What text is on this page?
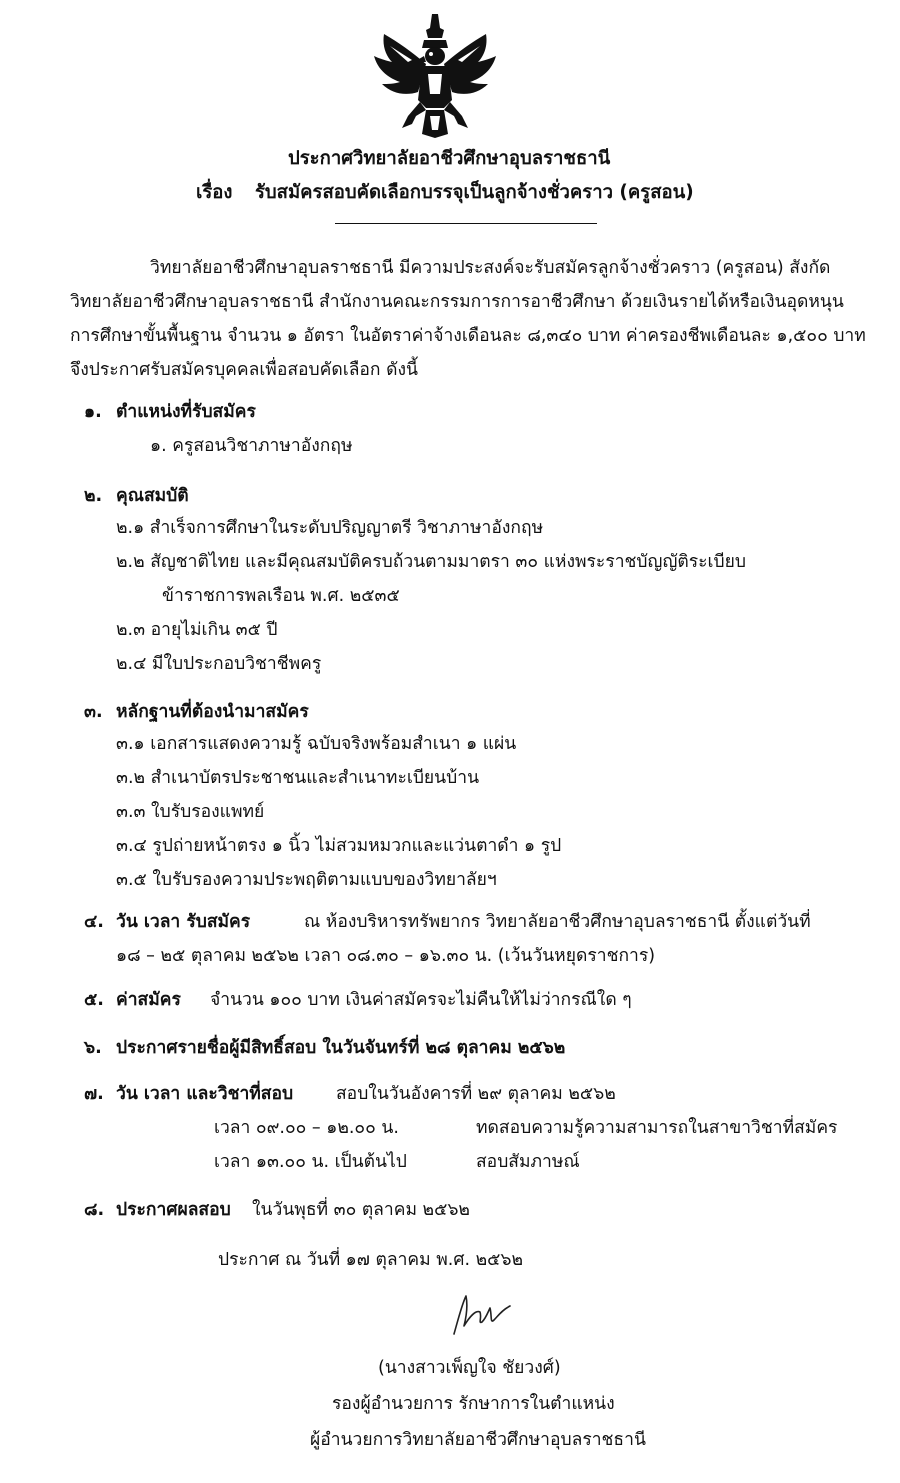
ประกาศวิทยาลัยอาชีวศึกษาอุบลราชธานี
เรื่อง รับสมัครสอบคัดเลือกบรรจุเป็นลูกจ้างชั่วคราว (ครูสอน)
วิทยาลัยอาชีวศึกษาอุบลราชธานี มีความประสงค์จะรับสมัครลูกจ้างชั่วคราว (ครูสอน) สังกัด
วิทยาลัยอาชีวศึกษาอุบลราชธานี สำนักงานคณะกรรมการการอาชีวศึกษา ด้วยเงินรายได้หรือเงินอุดหนุน
การศึกษาขั้นพื้นฐาน จำนวน ๑ อัตรา ในอัตราค่าจ้างเดือนละ ๘,๓๔๐ บาท ค่าครองชีพเดือนละ ๑,๕๐๐ บาท
จึงประกาศรับสมัครบุคคลเพื่อสอบคัดเลือก ดังนี้
๑. ตำแหน่งที่รับสมัคร
๑. ครูสอนวิชาภาษาอังกฤษ
๒. คุณสมบัติ
๒.๑ สำเร็จการศึกษาในระดับปริญญาตรี วิชาภาษาอังกฤษ
๒.๒ สัญชาติไทย และมีคุณสมบัติครบถ้วนตามมาตรา ๓๐ แห่งพระราชบัญญัติระเบียบ
ข้าราชการพลเรือน พ.ศ. ๒๕๓๕
๒.๓ อายุไม่เกิน ๓๕ ปี
๒.๔ มีใบประกอบวิชาชีพครู
๓. หลักฐานที่ต้องนำมาสมัคร
๓.๑ เอกสารแสดงความรู้ ฉบับจริงพร้อมสำเนา ๑ แผ่น
๓.๒ สำเนาบัตรประชาชนและสำเนาทะเบียนบ้าน
๓.๓ ใบรับรองแพทย์
๓.๔ รูปถ่ายหน้าตรง ๑ นิ้ว ไม่สวมหมวกและแว่นตาดำ ๑ รูป
๓.๕ ใบรับรองความประพฤติตามแบบของวิทยาลัยฯ
๔. วัน เวลา รับสมัคร	ณ ห้องบริหารทรัพยากร วิทยาลัยอาชีวศึกษาอุบลราชธานี ตั้งแต่วันที่
๑๘ – ๒๕ ตุลาคม ๒๕๖๒ เวลา ๐๘.๓๐ – ๑๖.๓๐ น. (เว้นวันหยุดราชการ)
๕. ค่าสมัคร จำนวน ๑๐๐ บาท เงินค่าสมัครจะไม่คืนให้ไม่ว่ากรณีใด ๆ
๖. ประกาศรายชื่อผู้มีสิทธิ์สอบ ในวันจันทร์ที่ ๒๘ ตุลาคม ๒๕๖๒
๗. วัน เวลา และวิชาที่สอบ สอบในวันอังคารที่ ๒๙ ตุลาคม ๒๕๖๒
เวลา ๐๙.๐๐ – ๑๒.๐๐ น.	ทดสอบความรู้ความสามารถในสาขาวิชาที่สมัคร
เวลา ๑๓.๐๐ น. เป็นต้นไป	สอบสัมภาษณ์
๘. ประกาศผลสอบ ในวันพุธที่ ๓๐ ตุลาคม ๒๕๖๒
ประกาศ ณ วันที่ ๑๗ ตุลาคม พ.ศ. ๒๕๖๒
(นางสาวเพ็ญใจ ชัยวงศ์)
รองผู้อำนวยการ รักษาการในตำแหน่ง
ผู้อำนวยการวิทยาลัยอาชีวศึกษาอุบลราชธานี
